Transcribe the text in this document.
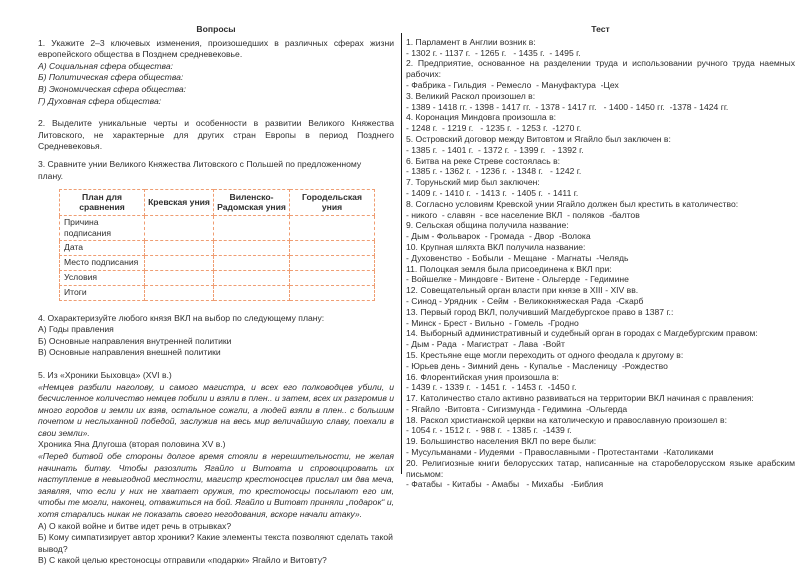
Вопросы

1. Укажите 2–3 ключевых изменения, произошедших в различных сферах жизни европейского общества в Позднем средневековье.

А) Социальная сфера общества:
Б) Политическая сфера общества:
В) Экономическая сфера общества:
Г) Духовная сфера общества:

2. Выделите уникальные черты и особенности в развитии Великого Княжества Литовского, не характерные для других стран Европы в период Позднего Средневековья.

3. Сравните унии Великого Княжества Литовского с Польшей по предложенному плану.

План для сравнения	Кревская уния	Виленско-Радомская уния	Городельская уния
Причина подписания			
Дата			
Место подписания			
Условия			
Итоги			

4. Охарактеризуйте любого князя ВКЛ на выбор по следующему плану:

А) Годы правления
Б) Основные направления внутренней политики
В) Основные направления внешней политики
5. Из «Хроники Быховца» (XVI в.)

«Немцев разбили наголову, и самого магистра, и всех его полководцев убили, и бесчисленное количество немцев побили и взяли в плен.. и затем, всех их разгромив и много городов и земли их взяв, остальное сожгли, а людей взяли в плен.. с большим почетом и неслыханной победой, заслужив на весь мир величайшую славу, поехали в свои земли».

Хроника Яна Длугоша (вторая половина XV в.)

«Перед битвой обе стороны долгое время стояли в нерешительности, не желая начинать битву. Чтобы разозлить Ягайло и Витовта и спровоцировать их наступление в невыгодной местности, магистр крестоносцев прислал им два меча, заявляя, что если у них не хватает оружия, то крестоносцы посылают его им, чтобы те могли, наконец, отважиться на бой. Ягайло и Витовт приняли „подарок“ и, хотя старались никак не показать своего негодования, вскоре начали атаку».

А) О какой войне и битве идет речь в отрывках?
Б) Кому симпатизирует автор хроники? Какие элементы текста позволяют сделать такой вывод?
В) С какой целью крестоносцы отправили «подарки» Ягайло и Витовту?
Тест
1. Парламент в Англии возник в:
- 1302 г. - 1137 г.  - 1265 г.   - 1435 г.  - 1495 г.
2. Предприятие, основанное на разделении труда и использовании ручного труда наемных рабочих:
- Фабрика - Гильдия  - Ремесло  - Мануфактура  -Цех
3. Великий Раскол произошел в:
- 1389 - 1418 гг. - 1398 - 1417 гг.  - 1378 - 1417 гг.   - 1400 - 1450 гг.  -1378 - 1424 гг.
4. Коронация Миндовга произошла в:
- 1248 г.  - 1219 г.   - 1235 г.  - 1253 г.  -1270 г.
5. Островский договор между Витовтом и Ягайло был заключен в:
- 1385 г.  - 1401 г.  - 1372 г.  - 1399 г.   - 1392 г.
6. Битва на реке Стреве состоялась в:
- 1385 г. - 1362 г.  - 1236 г.  - 1348 г.   - 1242 г.
7. Торуньский мир был заключен:
- 1409 г. - 1410 г.  - 1413 г.  - 1405 г.  - 1411 г.
8. Согласно условиям Кревской унии Ягайло должен был крестить в католичество:
- никого  - славян  - все население ВКЛ  - поляков  -балтов
9. Сельская община получила название:
- Дым - Фольварок  - Громада  - Двор  -Волока
10. Крупная шляхта ВКЛ получила название:
- Духовенство  - Бобыли  - Мещане  - Магнаты  -Челядь
11. Полоцкая земля была присоединена к ВКЛ при:
- Войшелке - Миндовге - Витене - Ольгерде  - Гедимине
12. Совещательный орган власти при князе в XIII - XIV вв.
- Синод - Урядник  - Сейм  - Великокняжеская Рада  -Скарб
13. Первый город ВКЛ, получивший Магдебургское право в 1387 г.:
- Минск - Брест - Вильно  - Гомель  -Гродно
14. Выборный административный и судебный орган в городах с Магдебургским правом:
- Дым - Рада  - Магистрат  - Лава  -Войт
15. Крестьяне еще могли переходить от одного феодала к другому в:
- Юрьев день - Зимний день  - Купалье  - Масленицу  -Рождество
16. Флорентийская уния произошла в:
- 1439 г. - 1339 г.  - 1451 г.  - 1453 г.  -1450 г.
17. Католичество стало активно развиваться на территории ВКЛ начиная с правления:
- Ягайло  -Витовта - Сигизмунда - Гедимина  -Ольгерда
18. Раскол христианской церкви на католическую и православную произошел в:
- 1054 г. - 1512 г.  - 988 г.  - 1385 г.  -1439 г.
19. Большинство населения ВКЛ по вере были:
- Мусульманами - Иудеями  - Православными - Протестантами  -Католиками
20. Религиозные книги белорусских татар, написанные на старобелорусском языке арабским письмом:
- Фатабы  - Китабы  - Амабы   - Михабы   -Библия
